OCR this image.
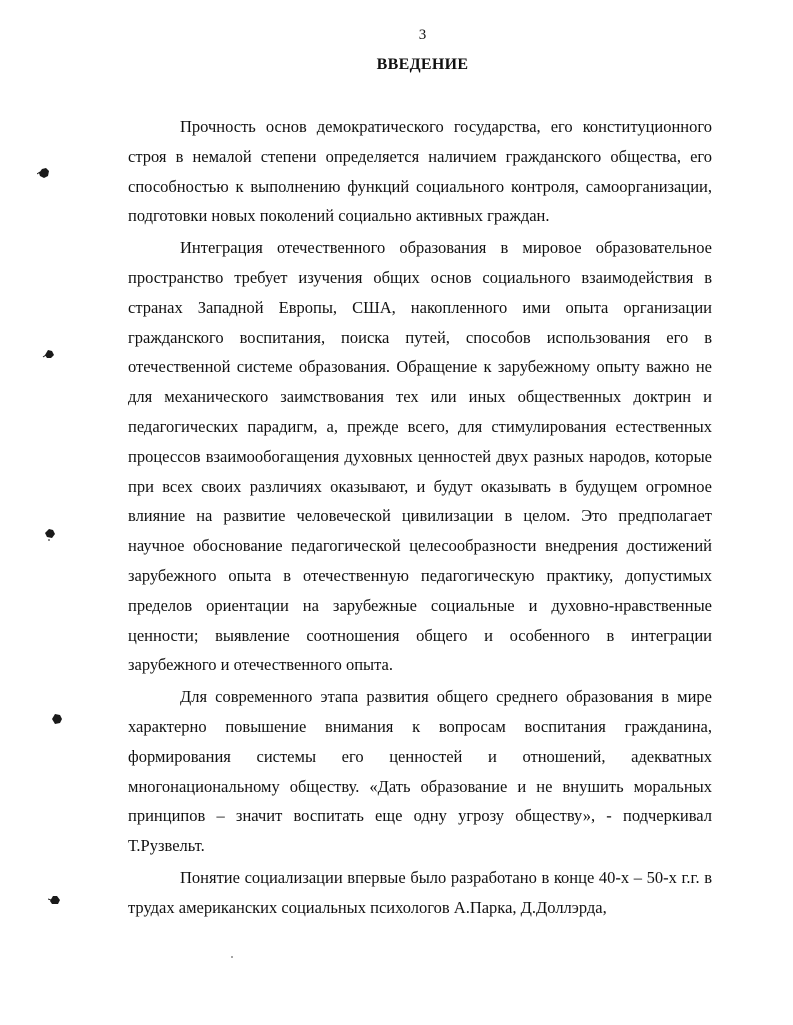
3
ВВЕДЕНИЕ

Прочность основ демократического государства, его конституционного строя в немалой степени определяется наличием гражданского общества, его способностью к выполнению функций социального контроля, самоорганизации, подготовки новых поколений социально активных граждан.

Интеграция отечественного образования в мировое образовательное пространство требует изучения общих основ социального взаимодействия в странах Западной Европы, США, накопленного ими опыта организации гражданского воспитания, поиска путей, способов использования его в отечественной системе образования. Обращение к зарубежному опыту важно не для механического заимствования тех или иных общественных доктрин и педагогических парадигм, а, прежде всего, для стимулирования естественных процессов взаимообогащения духовных ценностей двух разных народов, которые при всех своих различиях оказывают, и будут оказывать в будущем огромное влияние на развитие человеческой цивилизации в целом. Это предполагает научное обоснование педагогической целесообразности внедрения достижений зарубежного опыта в отечественную педагогическую практику, допустимых пределов ориентации на зарубежные социальные и духовно-нравственные ценности; выявление соотношения общего и особенного в интеграции зарубежного и отечественного опыта.

Для современного этапа развития общего среднего образования в мире характерно повышение внимания к вопросам воспитания гражданина, формирования системы его ценностей и отношений, адекватных многонациональному обществу. «Дать образование и не внушить моральных принципов – значит воспитать еще одну угрозу обществу», - подчеркивал Т.Рузвельт.

Понятие социализации впервые было разработано в конце 40-х – 50-х г.г. в трудах американских социальных психологов А.Парка, Д.Доллэрда,
